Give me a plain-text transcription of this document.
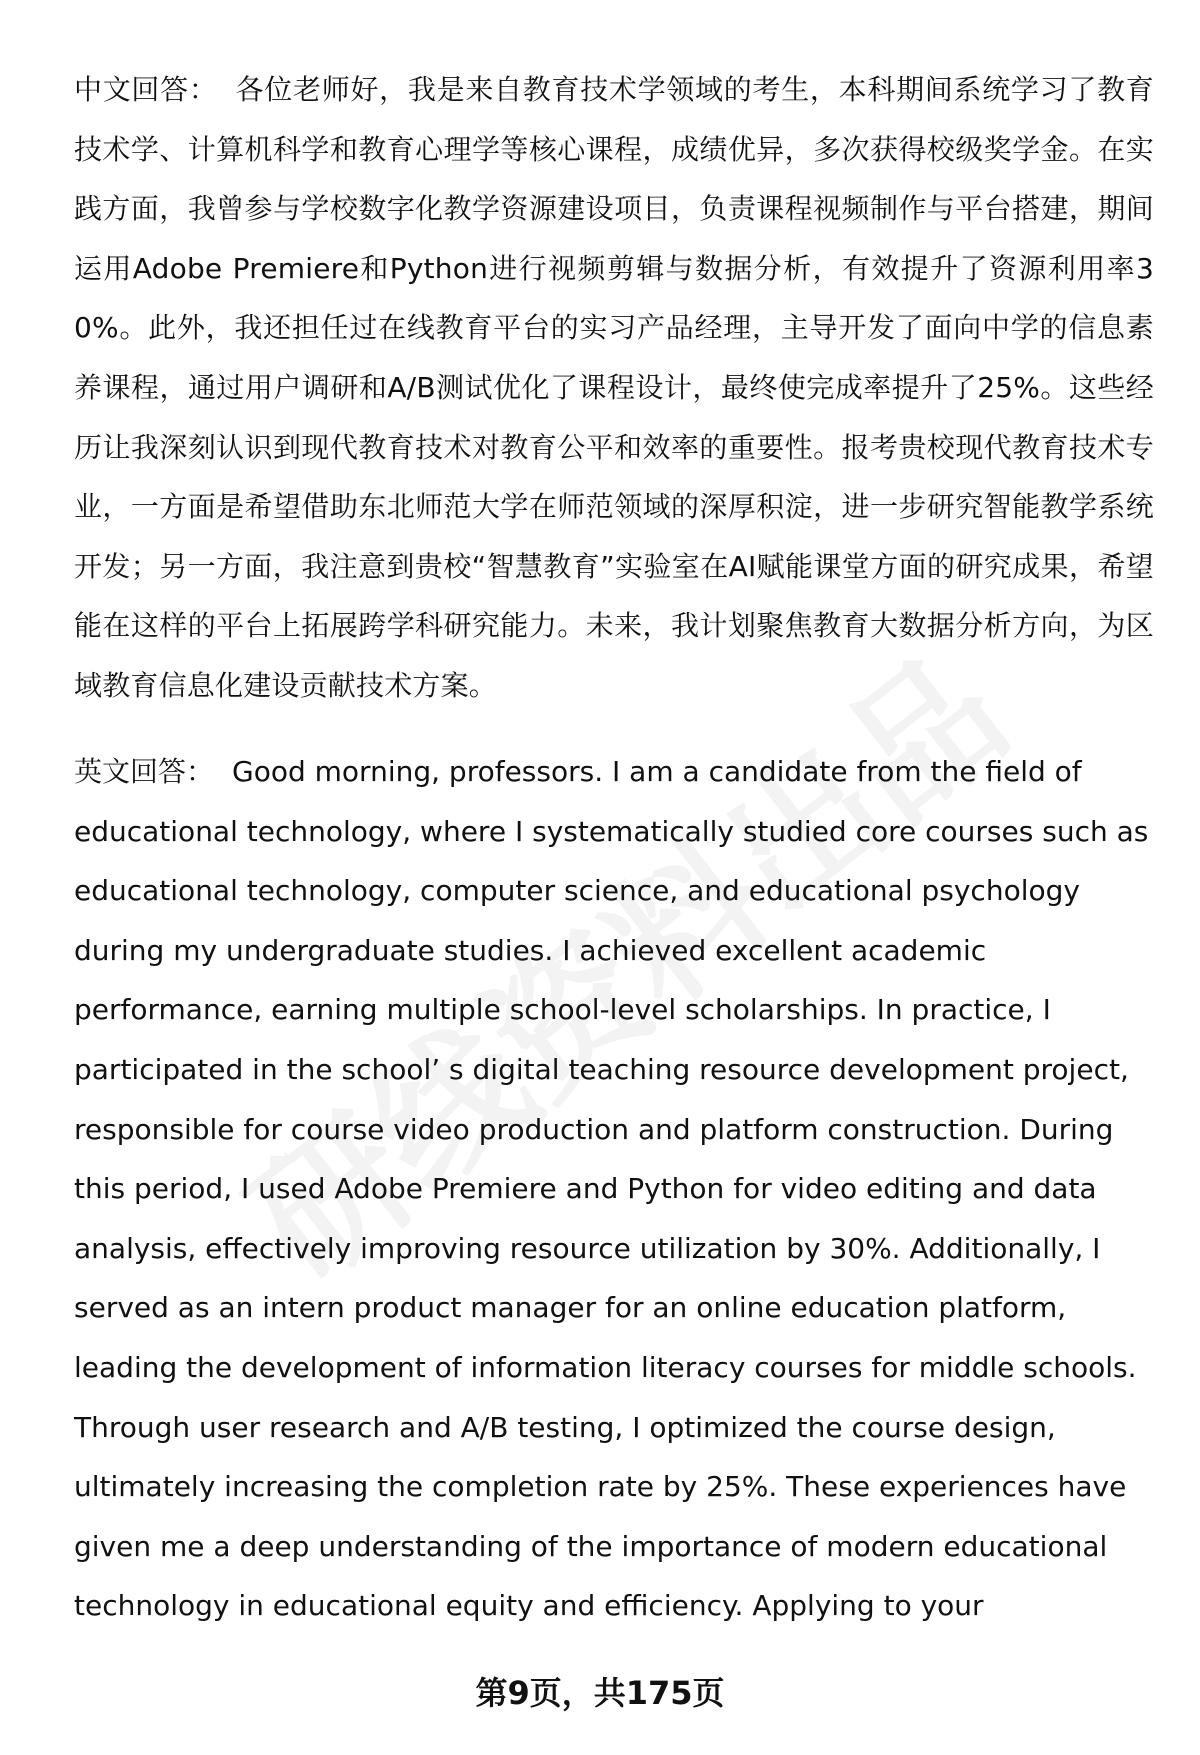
中文回答： 各位老师好，我是来自教育技术学领域的考生，本科期间系统学习了教育技术学、计算机科学和教育心理学等核心课程，成绩优异，多次获得校级奖学金。在实践方面，我曾参与学校数字化教学资源建设项目，负责课程视频制作与平台搭建，期间运用Adobe Premiere和Python进行视频剪辑与数据分析，有效提升了资源利用率30%。此外，我还担任过在线教育平台的实习产品经理，主导开发了面向中学的信息素养课程，通过用户调研和A/B测试优化了课程设计，最终使完成率提升了25%。这些经历让我深刻认识到现代教育技术对教育公平和效率的重要性。报考贵校现代教育技术专业，一方面是希望借助东北师范大学在师范领域的深厚积淀，进一步研究智能教学系统开发；另一方面，我注意到贵校“智慧教育”实验室在AI赋能课堂方面的研究成果，希望能在这样的平台上拓展跨学科研究能力。未来，我计划聚焦教育大数据分析方向，为区域教育信息化建设贡献技术方案。

英文回答： Good morning, professors. I am a candidate from the field of educational technology, where I systematically studied core courses such as educational technology, computer science, and educational psychology during my undergraduate studies. I achieved excellent academic performance, earning multiple school-level scholarships. In practice, I participated in the school’ s digital teaching resource development project, responsible for course video production and platform construction. During this period, I used Adobe Premiere and Python for video editing and data analysis, effectively improving resource utilization by 30%. Additionally, I served as an intern product manager for an online education platform, leading the development of information literacy courses for middle schools. Through user research and A/B testing, I optimized the course design, ultimately increasing the completion rate by 25%. These experiences have given me a deep understanding of the importance of modern educational technology in educational equity and efficiency. Applying to your

第9页，共175页
